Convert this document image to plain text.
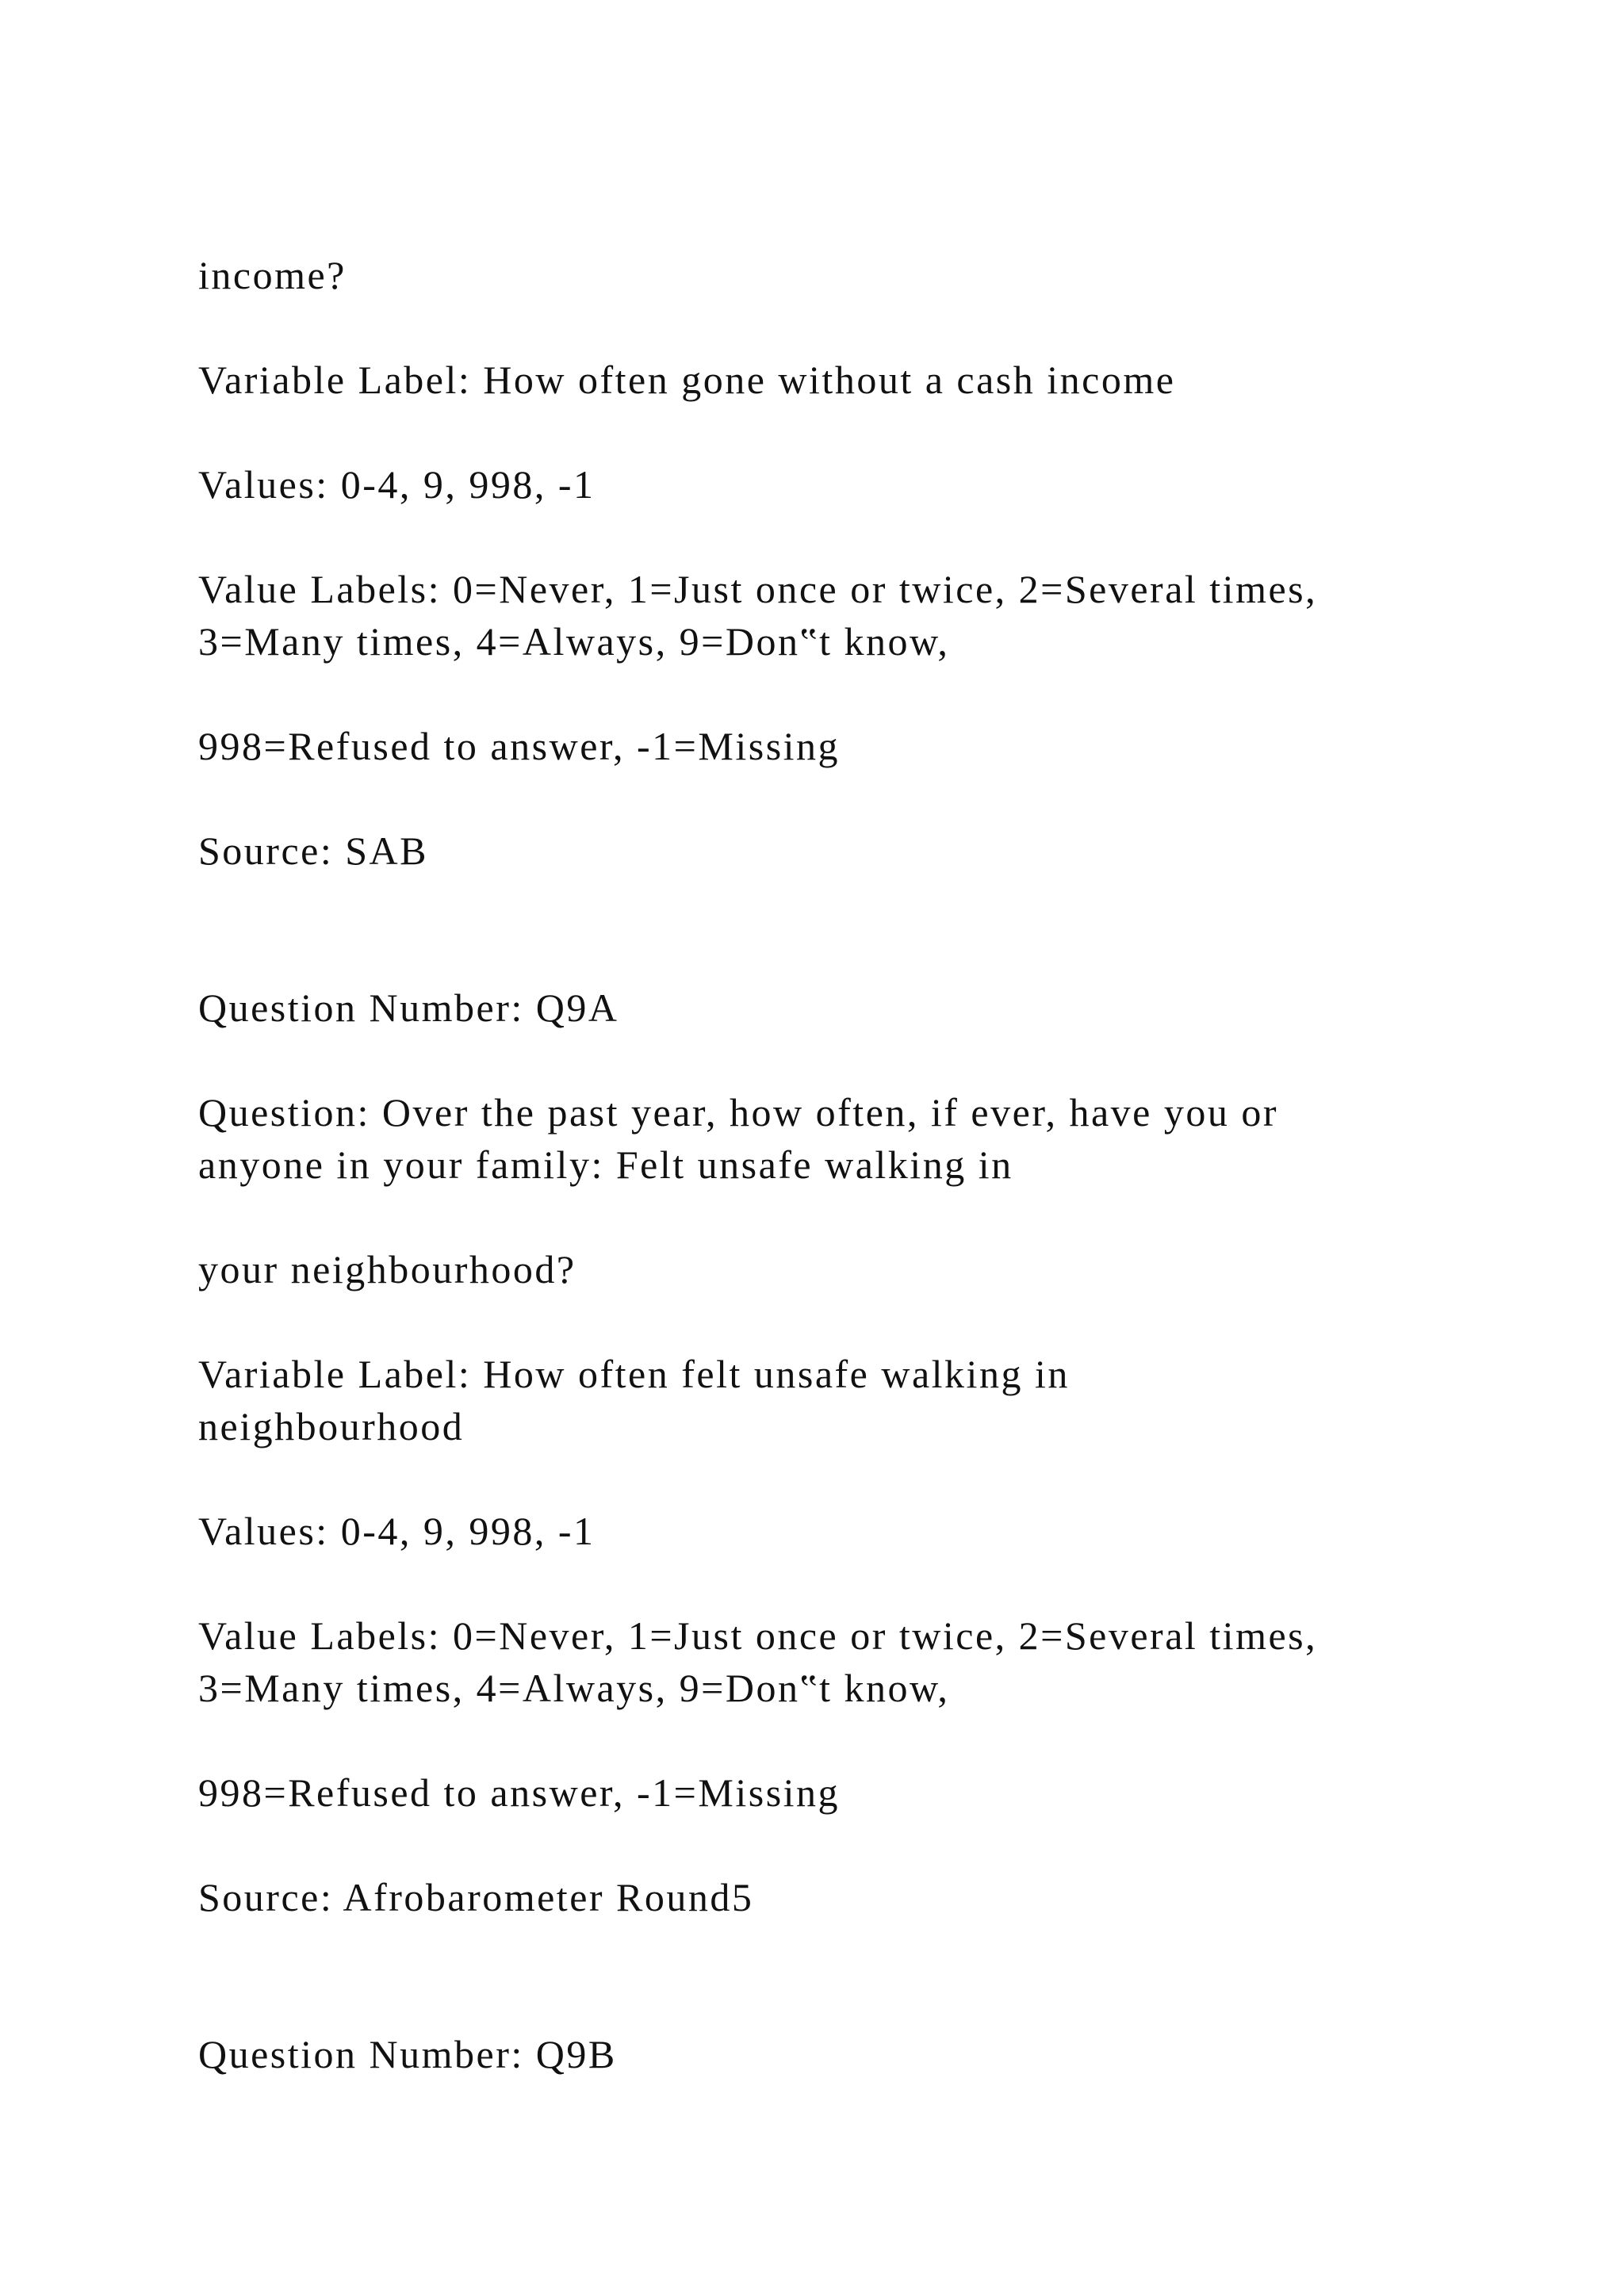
income?
Variable Label: How often gone without a cash income
Values: 0-4, 9, 998, -1
Value Labels: 0=Never, 1=Just once or twice, 2=Several times,
3=Many times, 4=Always, 9=Don‟t know,
998=Refused to answer, -1=Missing
Source: SAB
Question Number: Q9A
Question: Over the past year, how often, if ever, have you or
anyone in your family: Felt unsafe walking in
your neighbourhood?
Variable Label: How often felt unsafe walking in
neighbourhood
Values: 0-4, 9, 998, -1
Value Labels: 0=Never, 1=Just once or twice, 2=Several times,
3=Many times, 4=Always, 9=Don‟t know,
998=Refused to answer, -1=Missing
Source: Afrobarometer Round5
Question Number: Q9B
